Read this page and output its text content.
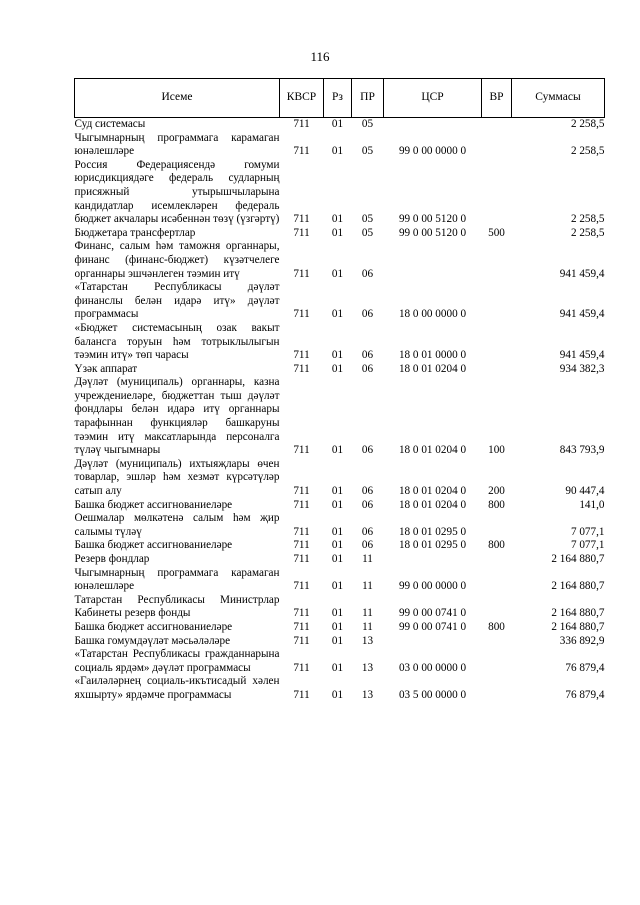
116
Исеме	КВСР	Рз	ПР	ЦСР	ВР	Суммасы
Суд системасы	711	01	05			2 258,5
Чыгымнарның программага карамаган юнәлешләре	711	01	05	99 0 00 0000 0		2 258,5
Россия Федерациясендә гомуми юрисдикциядәге федераль судларның присяжный утырышчыларына кандидатлар исемлекләрен федераль бюджет акчалары исәбеннән төзү (үзгәртү)	711	01	05	99 0 00 5120 0		2 258,5
Бюджетара трансфертлар	711	01	05	99 0 00 5120 0	500	2 258,5
Финанс, салым һәм таможня органнары, финанс (финанс-бюджет) күзәтчелеге органнары эшчәнлеген тәэмин итү	711	01	06			941 459,4
«Татарстан Республикасы дәүләт финанслы белән идарә итү» дәүләт программасы	711	01	06	18 0 00 0000 0		941 459,4
«Бюджет системасының озак вакыт балансга торуын һәм тотрыклылыгын тәэмин итү» төп чарасы	711	01	06	18 0 01 0000 0		941 459,4
Үзәк аппарат	711	01	06	18 0 01 0204 0		934 382,3
Дәүләт (муниципаль) органнары, казна учреждениеләре, бюджеттан тыш дәүләт фондлары белән идарә итү органнары тарафыннан функцияләр башкаруны тәэмин итү максатларында персоналга түләү чыгымнары	711	01	06	18 0 01 0204 0	100	843 793,9
Дәүләт (муниципаль) ихтыяҗлары өчен товарлар, эшләр һәм хезмәт күрсәтүләр сатып алу	711	01	06	18 0 01 0204 0	200	90 447,4
Башка бюджет ассигнованиеләре	711	01	06	18 0 01 0204 0	800	141,0
Оешмалар мөлкәтенә салым һәм җир салымы түләү	711	01	06	18 0 01 0295 0		7 077,1
Башка бюджет ассигнованиеләре	711	01	06	18 0 01 0295 0	800	7 077,1
Резерв фондлар	711	01	11			2 164 880,7
Чыгымнарның программага карамаган юнәлешләре	711	01	11	99 0 00 0000 0		2 164 880,7
Татарстан Республикасы Министрлар Кабинеты резерв фонды	711	01	11	99 0 00 0741 0		2 164 880,7
Башка бюджет ассигнованиеләре	711	01	11	99 0 00 0741 0	800	2 164 880,7
Башка гомумдәүләт мәсьәләләре	711	01	13			336 892,9
«Татарстан Республикасы гражданнарына социаль ярдәм» дәүләт программасы	711	01	13	03 0 00 0000 0		76 879,4
«Гаиләләрнең социаль-икътисадый хәлен яхшырту» ярдәмче программасы	711	01	13	03 5 00 0000 0		76 879,4
